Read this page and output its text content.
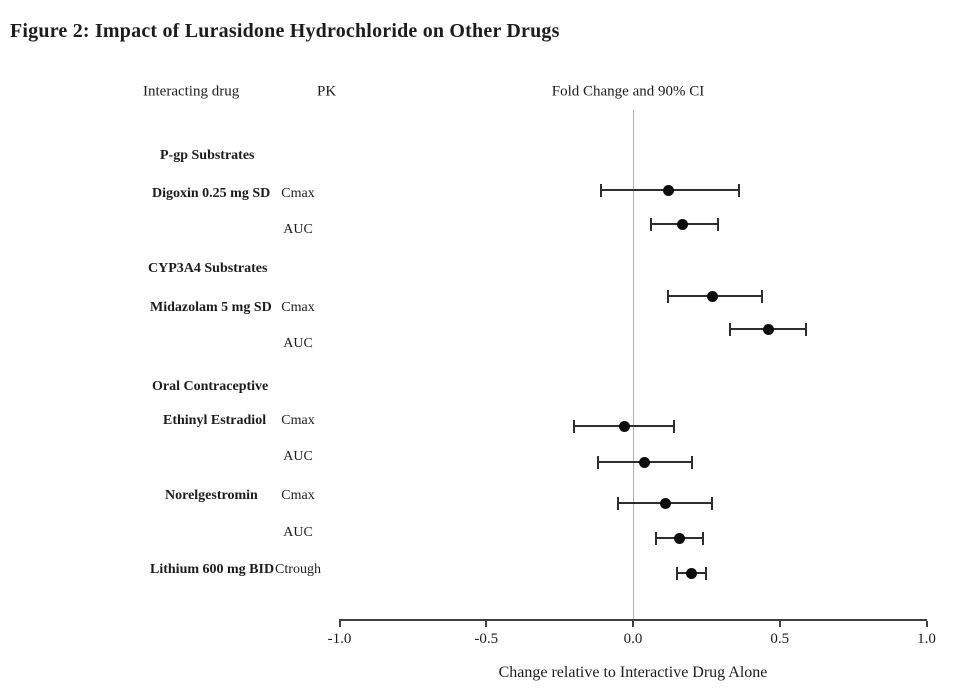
Figure 2: Impact of Lurasidone Hydrochloride on Other Drugs
Interacting drug	PK	Fold Change and 90% CI
P-gp Substrates
Digoxin 0.25 mg SD Cmax
AUC
CYP3A4 Substrates
Midazolam 5 mg SD Cmax
AUC
Oral Contraceptive
Ethinyl Estradiol Cmax
AUC
Norelgestromin Cmax
AUC
Lithium 600 mg BID Ctrough
-1.0	-0.5	0.0	0.5	1.0
Change relative to Interactive Drug Alone
